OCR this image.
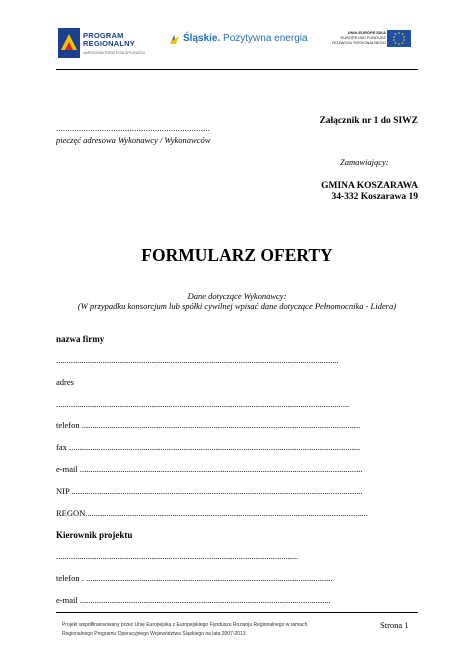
PROGRAM
REGIONALNY
NARODOWA STRATEGIA SPÓJNOŚCI
Śląskie. Pozytywna energia
UNIA EUROPEJSKA
EUROPEJSKI FUNDUSZ
ROZWOJU REGIONALNEGO
Załącznik nr 1 do SIWZ
...................................................................
pieczęć adresowa Wykonawcy / Wykonawców
Zamawiający:
GMINA KOSZARAWA
34-332 Koszarawa 19
FORMULARZ OFERTY
Dane dotyczące Wykonawcy:
(W przypadku konsorcjum lub spółki cywilnej wpisać dane dotyczące Pełnomocnika - Lidera)
nazwa firmy
.....................................................................................................................................
adres
..........................................................................................................................................
telefon ...................................................................................................................................
fax .........................................................................................................................................
e-mail .....................................................................................................................................
NIP .........................................................................................................................................
REGON.....................................................................................................................................
Kierownik projektu
..................................................................................................................
telefon . ....................................................................................................................
e-mail ......................................................................................................................
Projekt współfinansowany przez Unię Europejską z Europejskiego Funduszu Rozwoju Regionalnego w ramach
Regionalnego Programu Operacyjnego Województwa Śląskiego na lata 2007-2013
Strona 1
